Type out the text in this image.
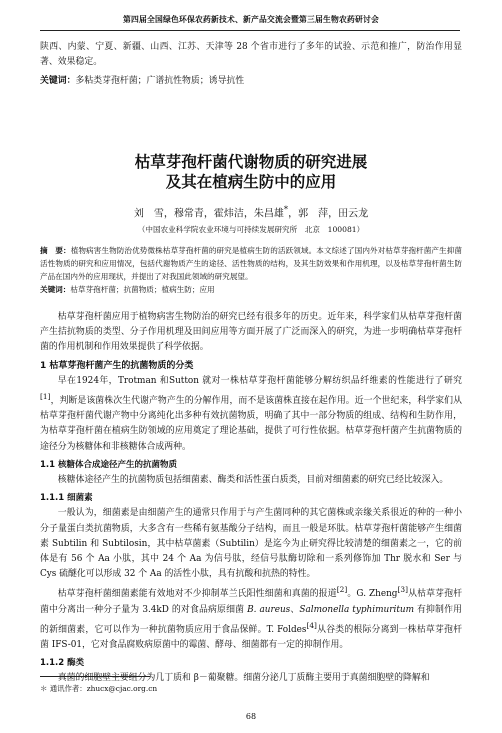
第四届全国绿色环保农药新技术、新产品交流会暨第三届生物农药研讨会

陕西、内蒙、宁夏、新疆、山西、江苏、天津等 28 个省市进行了多年的试验、示范和推广，防治作用显著、效果稳定。

关键词：多粘类芽孢杆菌；广谱抗性物质；诱导抗性

枯草芽孢杆菌代谢物质的研究进展
及其在植病生防中的应用
刘　雪，穆常青，霍炜洁，朱昌雄*，郭　萍，田云龙
（中国农业科学院农业环境与可持续发展研究所　北京　100081）

摘　要：植物病害生物防治优势微株枯草芽孢杆菌的研究是植病生防的活跃领域。本文综述了国内外对枯草芽孢杆菌产生抑菌活性物质的研究和应用情况，包括代谢物质产生的途径、活性物质的结构，及其生防效果和作用机理，以及枯草芽孢杆菌生防产品在国内外的应用现状，并提出了对我国此领域的研究展望。

关键词：枯草芽孢杆菌；抗菌物质；植病生防；应用

枯草芽孢杆菌应用于植物病害生物防治的研究已经有很多年的历史。近年来，科学家们从枯草芽孢杆菌产生拮抗物质的类型、分子作用机理及田间应用等方面开展了广泛而深入的研究，为进一步明确枯草芽孢杆菌的作用机制和作用效果提供了科学依据。

1 枯草芽孢杆菌产生的抗菌物质的分类

早在1924年，Trotman 和Sutton 就对一株枯草芽孢杆菌能够分解纺织品纤维素的性能进行了研究[1]，判断是该菌株次生代谢产物产生的分解作用，而不是该菌株直接在起作用。近一个世纪来，科学家们从枯草芽孢杆菌代谢产物中分离纯化出多种有效抗菌物质，明确了其中一部分物质的组成、结构和生防作用，为枯草芽孢杆菌在植病生防领域的应用奠定了理论基础，提供了可行性依据。枯草芽孢杆菌产生抗菌物质的途径分为核糖体和非核糖体合成两种。

1.1 核糖体合成途径产生的抗菌物质

核糖体途径产生的抗菌物质包括细菌素、酶类和活性蛋白质类，目前对细菌素的研究已经比较深入。

1.1.1 细菌素

一般认为，细菌素是由细菌产生的通常只作用于与产生菌同种的其它菌株或亲缘关系很近的种的一种小分子量蛋白类抗菌物质，大多含有一些稀有氨基酸分子结构，而且一般是环肽。枯草芽孢杆菌能够产生细菌素 Subtilin 和 Subtilosin，其中枯草菌素（Subtilin）是迄今为止研究得比较清楚的细菌素之一，它的前体是有 56 个 Aa 小肽，其中 24 个 Aa 为信号肽，经信号肽酶切除和一系列修饰加 Thr 脱水和 Ser 与 Cys 硫醚化可以形成 32 个 Aa 的活性小肽，具有抗酸和抗热的特性。

枯草芽孢杆菌细菌素能有效地对不少抑制革兰氏阳性细菌和真菌的报道[2]。G. Zheng[3]从枯草芽孢杆菌中分离出一种分子量为 3.4kD 的对食品病原细菌 B. aureus、Salmonella typhimuritum 有抑制作用的新细菌素，它可以作为一种抗菌物质应用于食品保鲜。T. Foldes[4]从谷类的根际分离到一株枯草芽孢杆菌 IFS-01，它对食品腐败病原菌中的霉菌、酵母、细菌都有一定的抑制作用。

1.1.2 酶类

真菌的细胞壁主要组分为几丁质和 β－葡聚糖。细菌分泌几丁质酶主要用于真菌细胞壁的降解和

＊ 通讯作者：zhucx@cjac.org.cn
68
